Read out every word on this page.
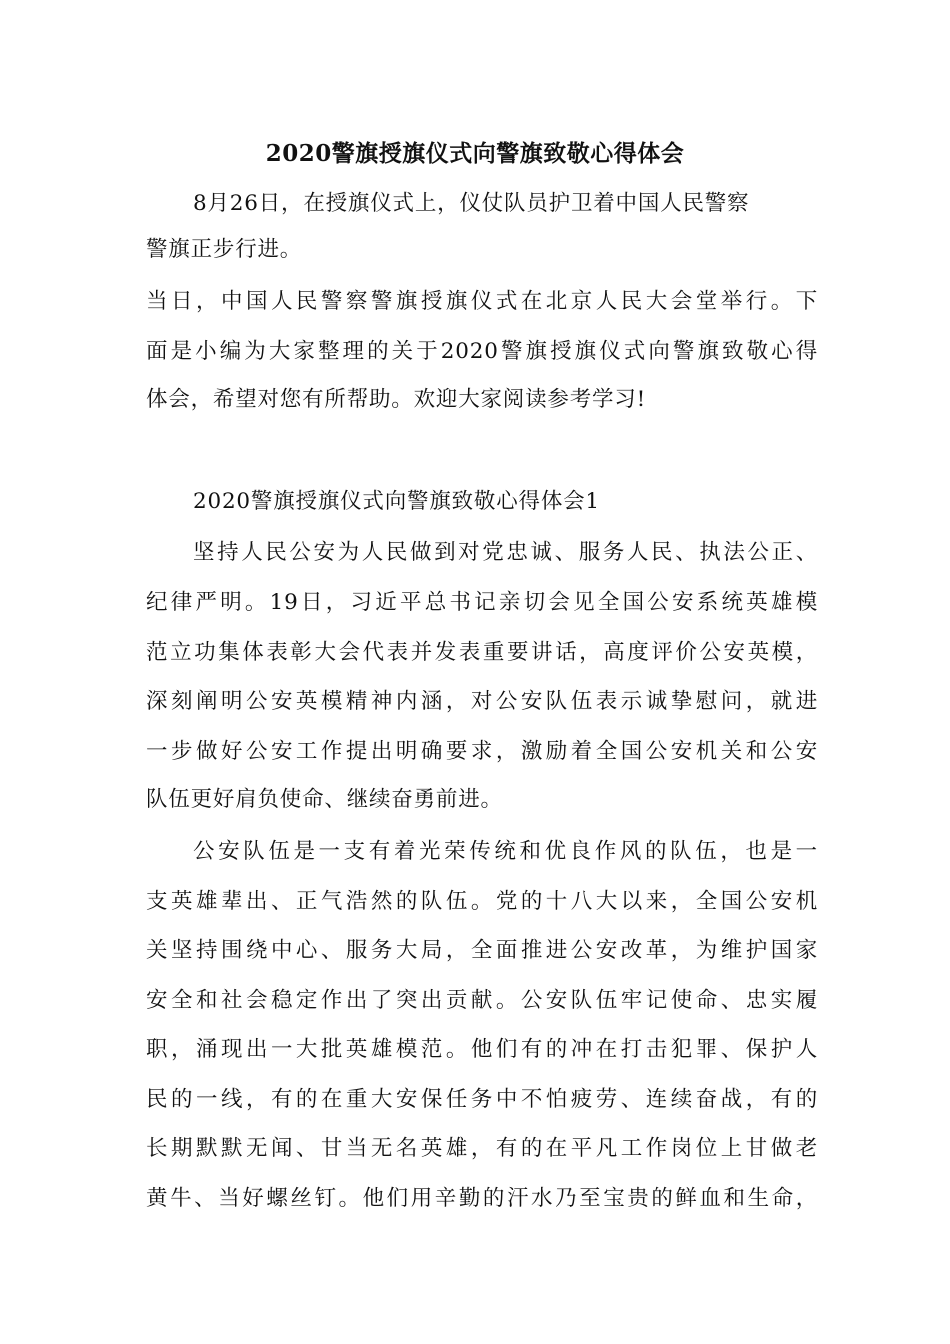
2020警旗授旗仪式向警旗致敬心得体会
8月26日，在授旗仪式上，仪仗队员护卫着中国人民警察
警旗正步行进。
当日，中国人民警察警旗授旗仪式在北京人民大会堂举行。下
面是小编为大家整理的关于2020警旗授旗仪式向警旗致敬心得
体会，希望对您有所帮助。欢迎大家阅读参考学习!
2020警旗授旗仪式向警旗致敬心得体会1
坚持人民公安为人民做到对党忠诚、服务人民、执法公正、
纪律严明。19日，习近平总书记亲切会见全国公安系统英雄模
范立功集体表彰大会代表并发表重要讲话，高度评价公安英模，
深刻阐明公安英模精神内涵，对公安队伍表示诚挚慰问，就进
一步做好公安工作提出明确要求，激励着全国公安机关和公安
队伍更好肩负使命、继续奋勇前进。
公安队伍是一支有着光荣传统和优良作风的队伍，也是一
支英雄辈出、正气浩然的队伍。党的十八大以来，全国公安机
关坚持围绕中心、服务大局，全面推进公安改革，为维护国家
安全和社会稳定作出了突出贡献。公安队伍牢记使命、忠实履
职，涌现出一大批英雄模范。他们有的冲在打击犯罪、保护人
民的一线，有的在重大安保任务中不怕疲劳、连续奋战，有的
长期默默无闻、甘当无名英雄，有的在平凡工作岗位上甘做老
黄牛、当好螺丝钉。他们用辛勤的汗水乃至宝贵的鲜血和生命，
